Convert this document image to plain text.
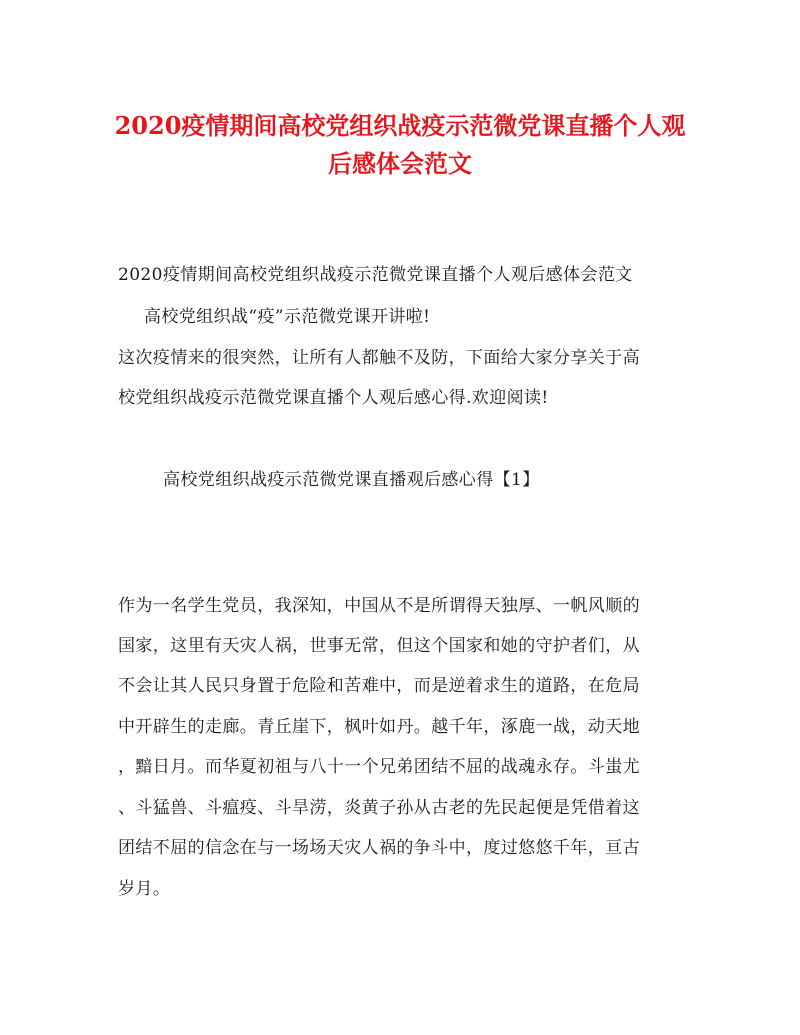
2020疫情期间高校党组织战疫示范微党课直播个人观
后感体会范文

2020疫情期间高校党组织战疫示范微党课直播个人观后感体会范文

高校党组织战“疫”示范微党课开讲啦!

这次疫情来的很突然，让所有人都触不及防，下面给大家分享关于高

校党组织战疫示范微党课直播个人观后感心得.欢迎阅读!

高校党组织战疫示范微党课直播观后感心得【1】

作为一名学生党员，我深知，中国从不是所谓得天独厚、一帆风顺的

国家，这里有天灾人祸，世事无常，但这个国家和她的守护者们，从

不会让其人民只身置于危险和苦难中，而是逆着求生的道路，在危局

中开辟生的走廊。青丘崖下，枫叶如丹。越千年，涿鹿一战，动天地

，黯日月。而华夏初祖与八十一个兄弟团结不屈的战魂永存。斗蚩尤

、斗猛兽、斗瘟疫、斗旱涝，炎黄子孙从古老的先民起便是凭借着这

团结不屈的信念在与一场场天灾人祸的争斗中，度过悠悠千年，亘古

岁月。
